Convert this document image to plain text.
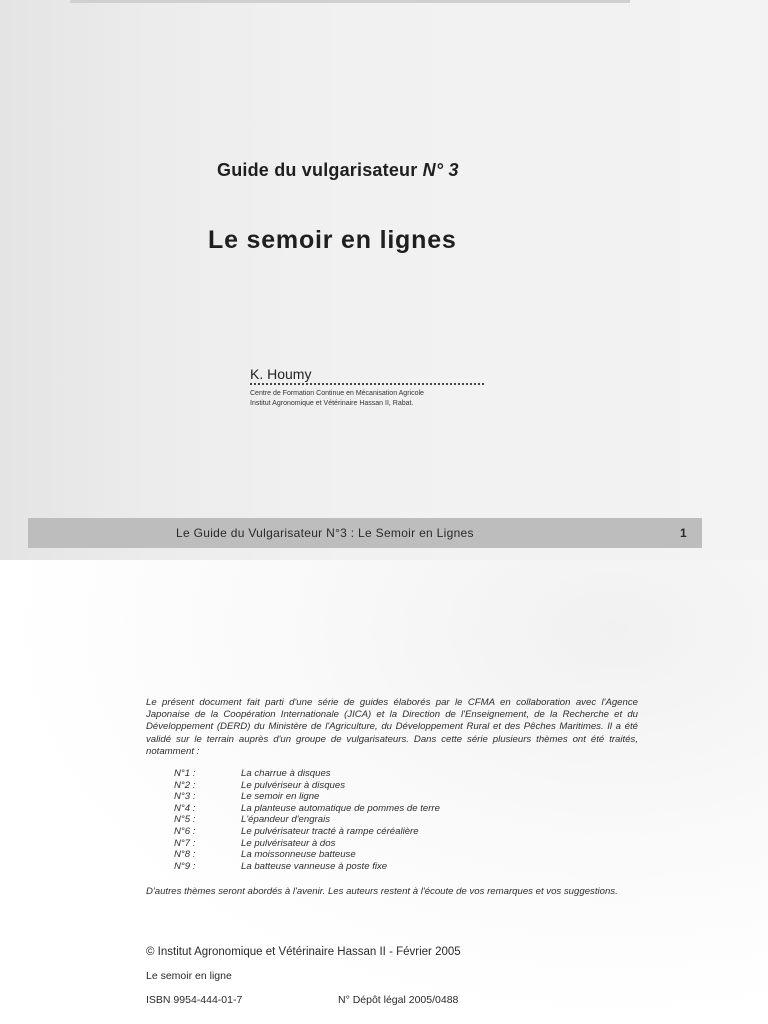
Guide du vulgarisateur N° 3
Le semoir en lignes
K. Houmy
Centre de Formation Continue en Mécanisation Agricole
Institut Agronomique et Vétérinaire Hassan II, Rabat.
Le Guide du Vulgarisateur N°3 : Le Semoir en Lignes	1

Le présent document fait parti d'une série de guides élaborés par le CFMA en collaboration avec l'Agence Japonaise de la Coopération Internationale (JICA) et la Direction de l'Enseignement, de la Recherche et du Développement (DERD) du Ministère de l'Agriculture, du Développement Rural et des Pêches Maritimes. Il a été validé sur le terrain auprès d'un groupe de vulgarisateurs. Dans cette série plusieurs thèmes ont été traités, notamment :

N°1 :	La charrue à disques
N°2 :	Le pulvériseur à disques
N°3 :	Le semoir en ligne
N°4 :	La planteuse automatique de pommes de terre
N°5 :	L'épandeur d'engrais
N°6 :	Le pulvérisateur tracté à rampe céréalière
N°7 :	Le pulvérisateur à dos
N°8 :	La moissonneuse batteuse
N°9 :	La batteuse vanneuse à poste fixe

D'autres thèmes seront abordés à l'avenir. Les auteurs restent à l'écoute de vos remarques et vos suggestions.

© Institut Agronomique et Vétérinaire Hassan II - Février 2005
Le semoir en ligne
ISBN 9954-444-01-7	N° Dépôt légal 2005/0488
